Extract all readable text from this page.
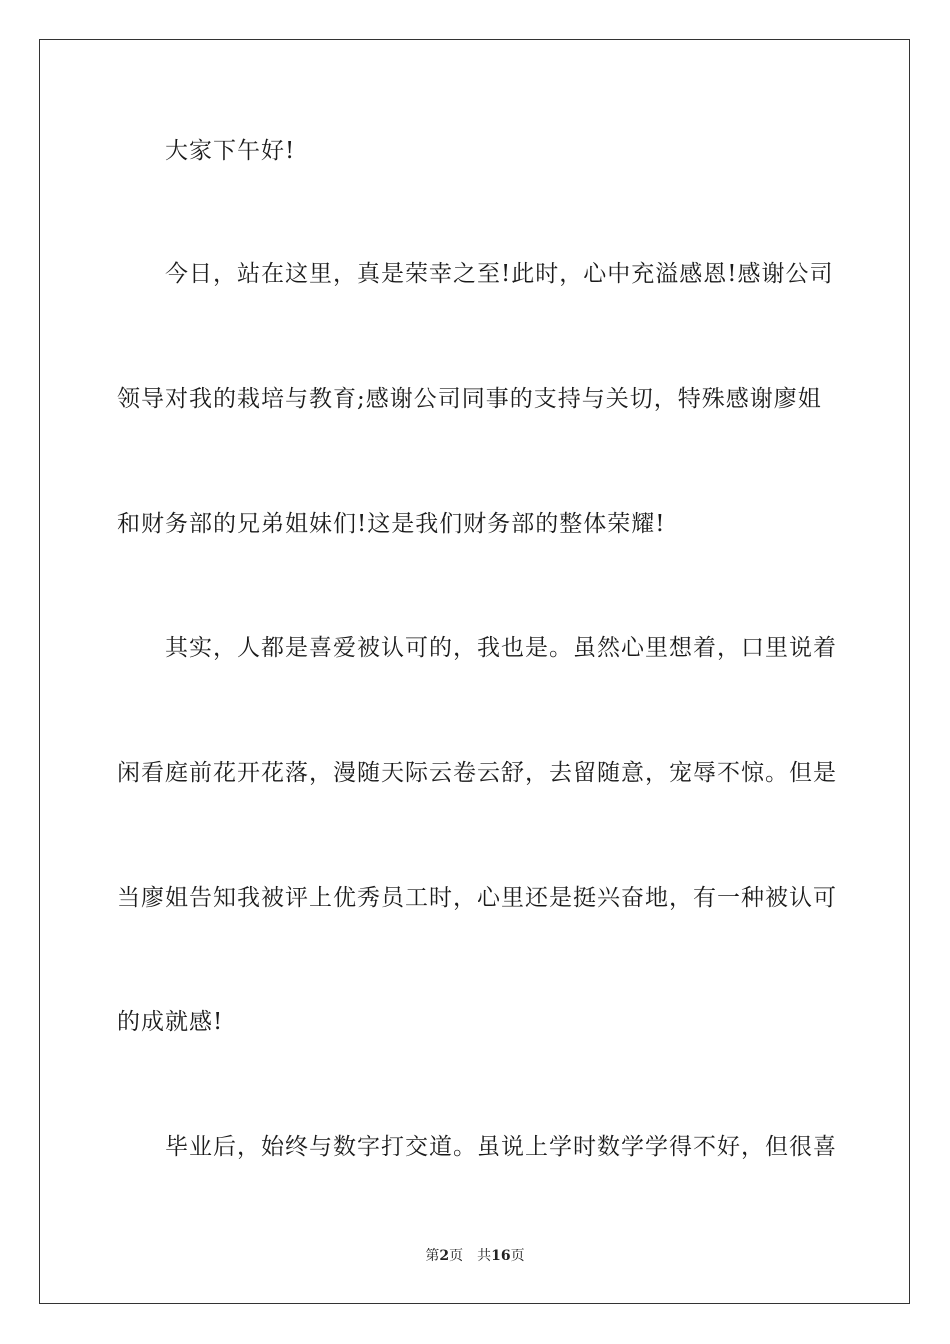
大家下午好!
今日，站在这里，真是荣幸之至!此时，心中充溢感恩!感谢公司
领导对我的栽培与教育;感谢公司同事的支持与关切，特殊感谢廖姐
和财务部的兄弟姐妹们!这是我们财务部的整体荣耀!
其实，人都是喜爱被认可的，我也是。虽然心里想着，口里说着
闲看庭前花开花落，漫随天际云卷云舒，去留随意，宠辱不惊。但是
当廖姐告知我被评上优秀员工时，心里还是挺兴奋地，有一种被认可
的成就感!
毕业后，始终与数字打交道。虽说上学时数学学得不好，但很喜
第2页 共16页
